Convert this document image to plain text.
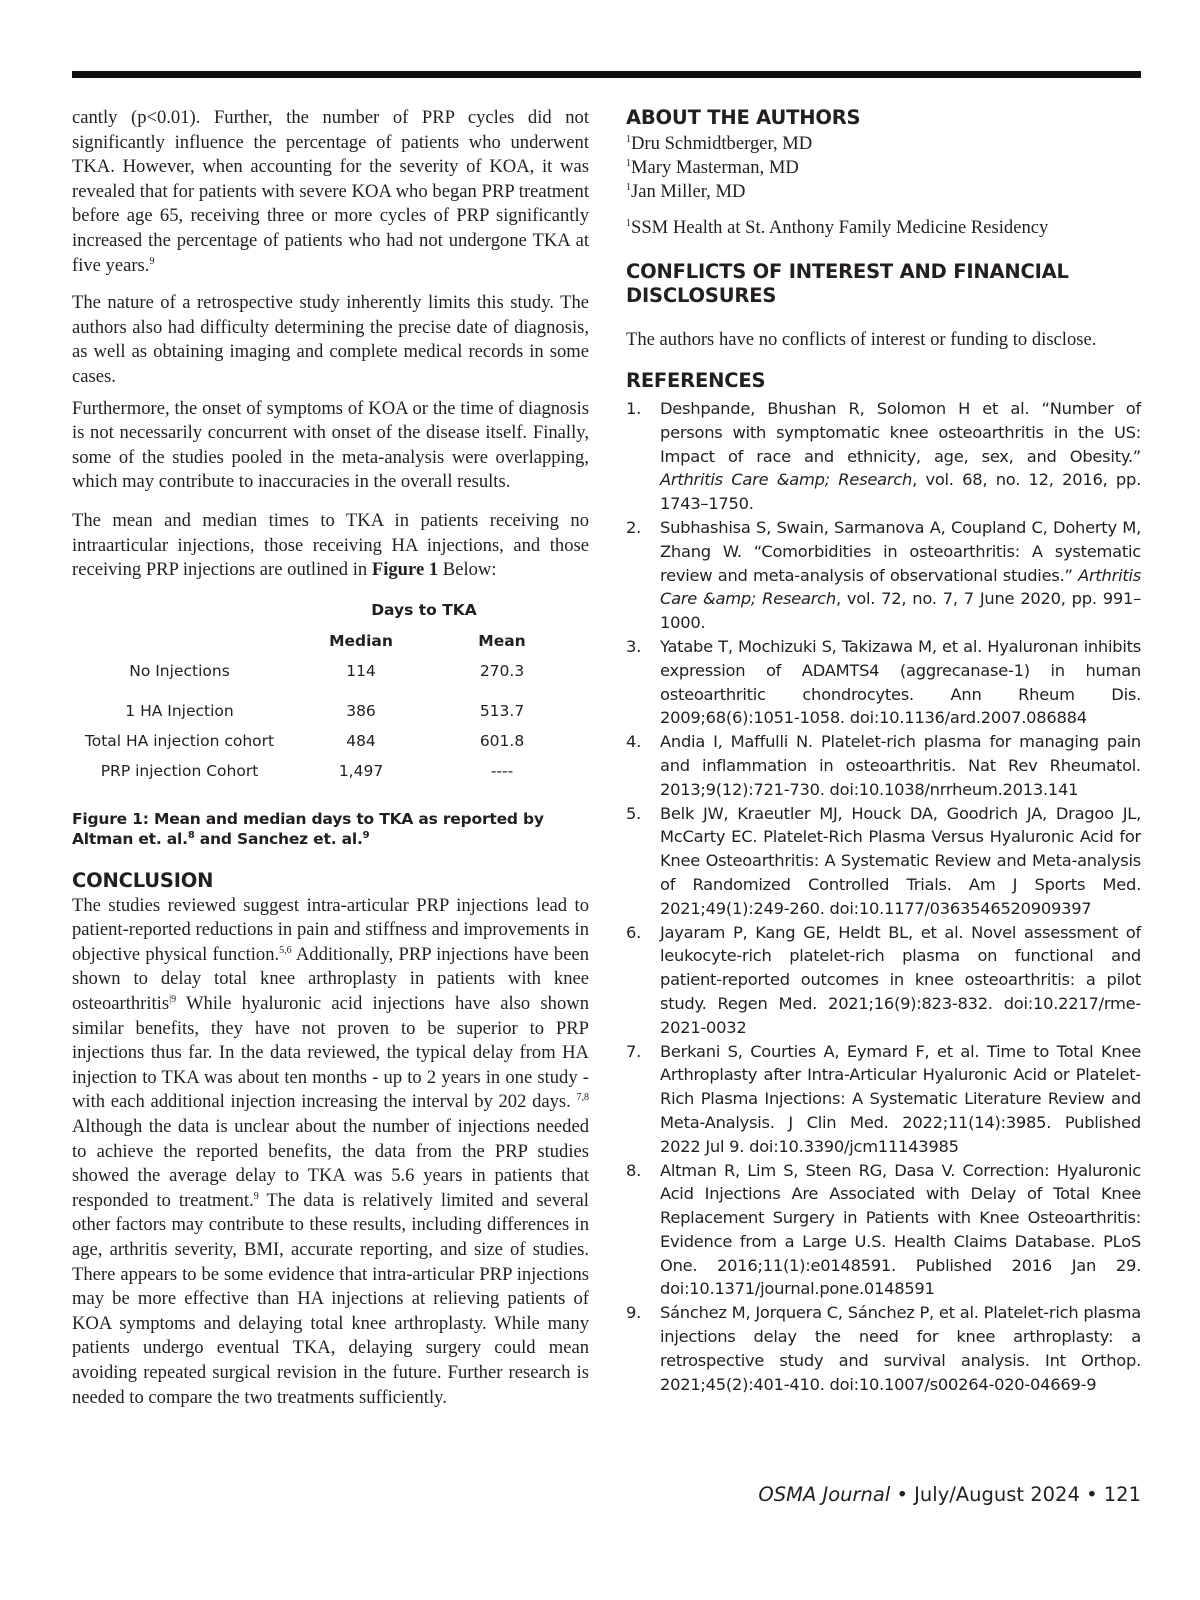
cantly (p<0.01). Further, the number of PRP cycles did not significantly influence the percentage of patients who underwent TKA. However, when accounting for the severity of KOA, it was revealed that for patients with severe KOA who began PRP treatment before age 65, receiving three or more cycles of PRP significantly increased the percentage of patients who had not undergone TKA at five years.$^9$

The nature of a retrospective study inherently limits this study. The authors also had difficulty determining the precise date of diagnosis, as well as obtaining imaging and complete medical records in some cases.

Furthermore, the onset of symptoms of KOA or the time of diagnosis is not necessarily concurrent with onset of the disease itself. Finally, some of the studies pooled in the meta-analysis were overlapping, which may contribute to inaccuracies in the overall results.

The mean and median times to TKA in patients receiving no intraarticular injections, those receiving HA injections, and those receiving PRP injections are outlined in Figure 1 Below:

Days to TKA
Median	Mean
No Injections	114	270.3
1 HA Injection	386	513.7
Total HA injection cohort	484	601.8
PRP injection Cohort	1,497	----

Figure 1: Mean and median days to TKA as reported by Altman et. al.$^8$ and Sanchez et. al.$^9$

CONCLUSION

The studies reviewed suggest intra-articular PRP injections lead to patient-reported reductions in pain and stiffness and improvements in objective physical function.$^{5,6}$ Additionally, PRP injections have been shown to delay total knee arthroplasty in patients with knee osteoarthritis$^{|9}$ While hyaluronic acid injections have also shown similar benefits, they have not proven to be superior to PRP injections thus far. In the data reviewed, the typical delay from HA injection to TKA was about ten months - up to 2 years in one study - with each additional injection increasing the interval by 202 days. $^{7,8}$ Although the data is unclear about the number of injections needed to achieve the reported benefits, the data from the PRP studies showed the average delay to TKA was 5.6 years in patients that responded to treatment.$^9$ The data is relatively limited and several other factors may contribute to these results, including differences in age, arthritis severity, BMI, accurate reporting, and size of studies. There appears to be some evidence that intra-articular PRP injections may be more effective than HA injections at relieving patients of KOA symptoms and delaying total knee arthroplasty. While many patients undergo eventual TKA, delaying surgery could mean avoiding repeated surgical revision in the future. Further research is needed to compare the two treatments sufficiently.

ABOUT THE AUTHORS
$^1$Dru Schmidtberger, MD
$^1$Mary Masterman, MD
$^1$Jan Miller, MD

$^1$SSM Health at St. Anthony Family Medicine Residency

CONFLICTS OF INTEREST AND FINANCIAL
DISCLOSURES

The authors have no conflicts of interest or funding to disclose.

REFERENCES
1. Deshpande, Bhushan R, Solomon H et al. “Number of persons with symptomatic knee osteoarthritis in the US: Impact of race and ethnicity, age, sex, and Obesity.” Arthritis Care &amp; Research, vol. 68, no. 12, 2016, pp. 1743–1750.
2. Subhashisa S, Swain, Sarmanova A, Coupland C, Doherty M, Zhang W. “Comorbidities in osteoarthritis: A systematic review and meta-analysis of observational studies.” Arthritis Care &amp; Research, vol. 72, no. 7, 7 June 2020, pp. 991–1000.
3. Yatabe T, Mochizuki S, Takizawa M, et al. Hyaluronan inhibits expression of ADAMTS4 (aggrecanase-1) in human osteoarthritic chondrocytes. Ann Rheum Dis. 2009;68(6):1051-1058. doi:10.1136/ard.2007.086884
4. Andia I, Maffulli N. Platelet-rich plasma for managing pain and inflammation in osteoarthritis. Nat Rev Rheumatol. 2013;9(12):721-730. doi:10.1038/nrrheum.2013.141
5. Belk JW, Kraeutler MJ, Houck DA, Goodrich JA, Dragoo JL, McCarty EC. Platelet-Rich Plasma Versus Hyaluronic Acid for Knee Osteoarthritis: A Systematic Review and Meta-analysis of Randomized Controlled Trials. Am J Sports Med. 2021;49(1):249-260. doi:10.1177/0363546520909397
6. Jayaram P, Kang GE, Heldt BL, et al. Novel assessment of leukocyte-rich platelet-rich plasma on functional and patient-reported outcomes in knee osteoarthritis: a pilot study. Regen Med. 2021;16(9):823-832. doi:10.2217/rme-2021-0032
7. Berkani S, Courties A, Eymard F, et al. Time to Total Knee Arthroplasty after Intra-Articular Hyaluronic Acid or Platelet-Rich Plasma Injections: A Systematic Literature Review and Meta-Analysis. J Clin Med. 2022;11(14):3985. Published 2022 Jul 9. doi:10.3390/jcm11143985
8. Altman R, Lim S, Steen RG, Dasa V. Correction: Hyaluronic Acid Injections Are Associated with Delay of Total Knee Replacement Surgery in Patients with Knee Osteoarthritis: Evidence from a Large U.S. Health Claims Database. PLoS One. 2016;11(1):e0148591. Published 2016 Jan 29. doi:10.1371/journal.pone.0148591
9. Sánchez M, Jorquera C, Sánchez P, et al. Platelet-rich plasma injections delay the need for knee arthroplasty: a retrospective study and survival analysis. Int Orthop. 2021;45(2):401-410. doi:10.1007/s00264-020-04669-9
OSMA Journal • July/August 2024 • 121
